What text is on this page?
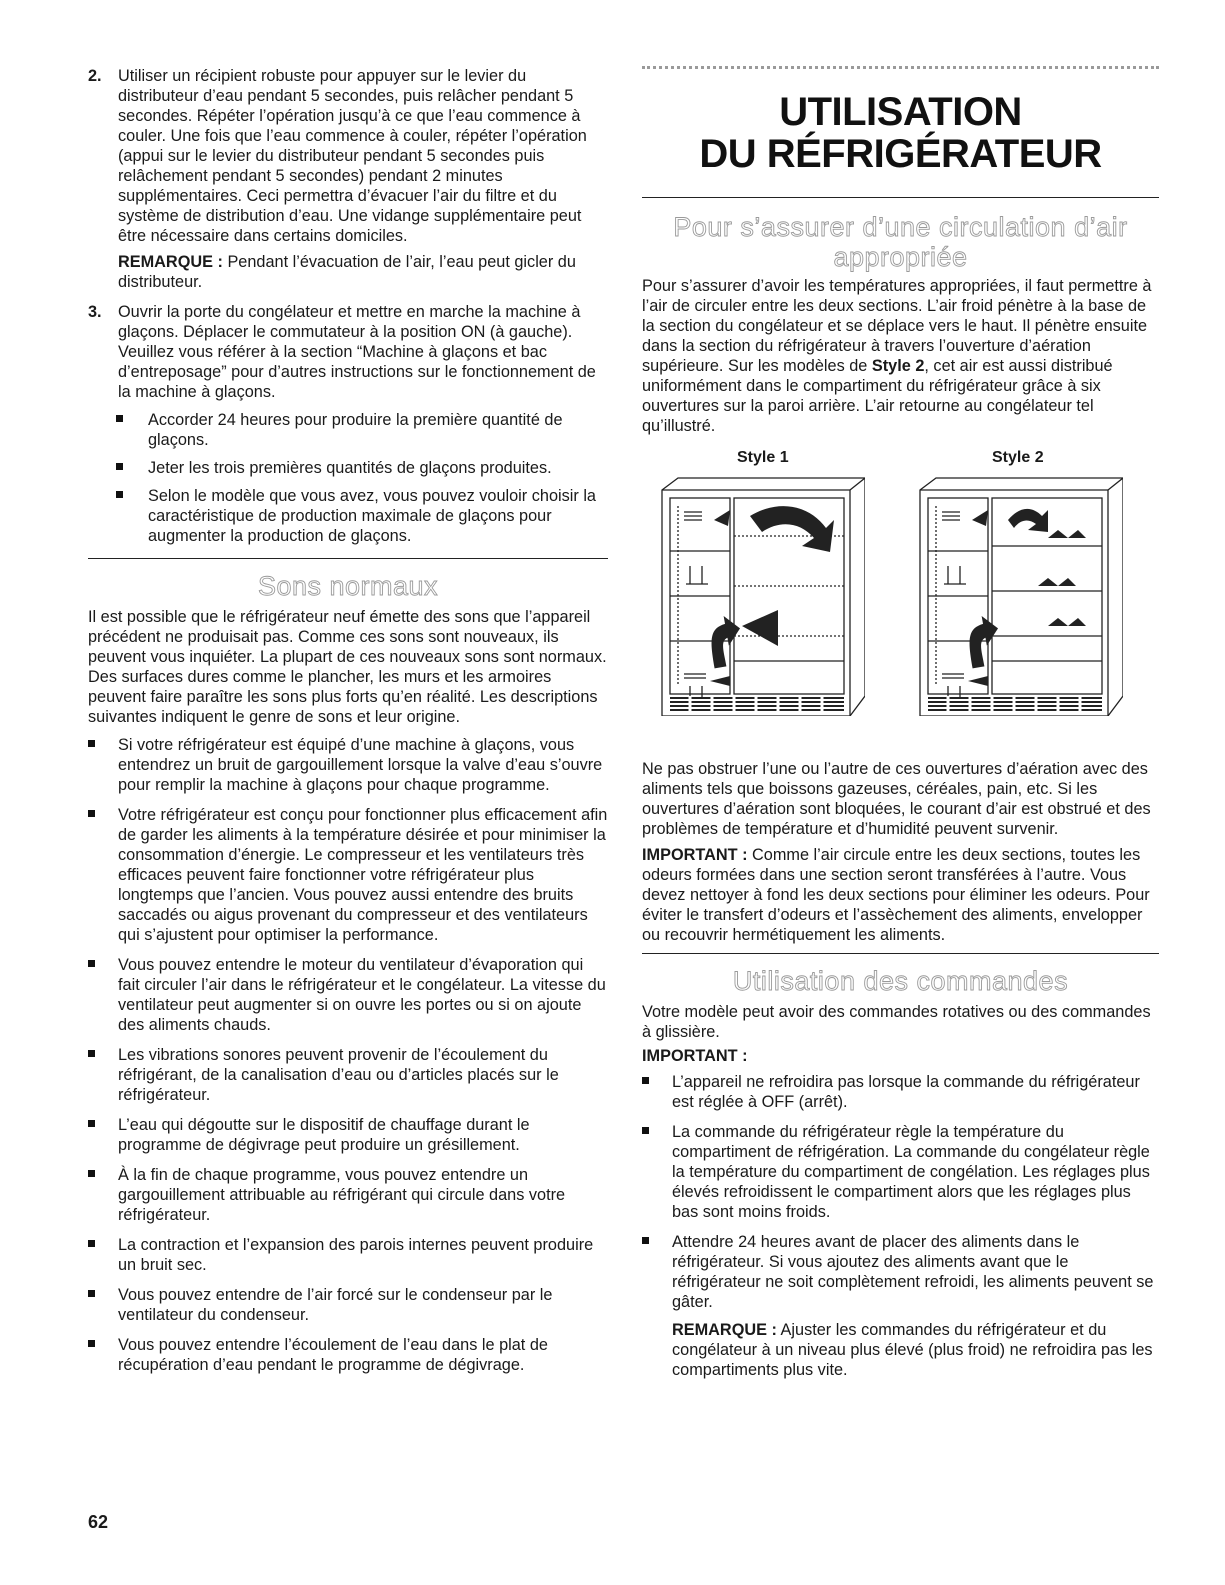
2. Utiliser un récipient robuste pour appuyer sur le levier du distributeur d’eau pendant 5 secondes, puis relâcher pendant 5 secondes. Répéter l’opération jusqu’à ce que l’eau commence à couler. Une fois que l’eau commence à couler, répéter l’opération (appui sur le levier du distributeur pendant 5 secondes puis relâchement pendant 5 secondes) pendant 2 minutes supplémentaires. Ceci permettra d’évacuer l’air du filtre et du système de distribution d’eau. Une vidange supplémentaire peut être nécessaire dans certains domiciles.

REMARQUE : Pendant l’évacuation de l’air, l’eau peut gicler du distributeur.

3. Ouvrir la porte du congélateur et mettre en marche la machine à glaçons. Déplacer le commutateur à la position ON (à gauche). Veuillez vous référer à la section “Machine à glaçons et bac d’entreposage” pour d’autres instructions sur le fonctionnement de la machine à glaçons.

Accorder 24 heures pour produire la première quantité de glaçons.
Jeter les trois premières quantités de glaçons produites.
Selon le modèle que vous avez, vous pouvez vouloir choisir la caractéristique de production maximale de glaçons pour augmenter la production de glaçons.
Sons normaux

Il est possible que le réfrigérateur neuf émette des sons que l’appareil précédent ne produisait pas. Comme ces sons sont nouveaux, ils peuvent vous inquiéter. La plupart de ces nouveaux sons sont normaux. Des surfaces dures comme le plancher, les murs et les armoires peuvent faire paraître les sons plus forts qu’en réalité. Les descriptions suivantes indiquent le genre de sons et leur origine.

Si votre réfrigérateur est équipé d’une machine à glaçons, vous entendrez un bruit de gargouillement lorsque la valve d’eau s’ouvre pour remplir la machine à glaçons pour chaque programme.
Votre réfrigérateur est conçu pour fonctionner plus efficacement afin de garder les aliments à la température désirée et pour minimiser la consommation d’énergie. Le compresseur et les ventilateurs très efficaces peuvent faire fonctionner votre réfrigérateur plus longtemps que l’ancien. Vous pouvez aussi entendre des bruits saccadés ou aigus provenant du compresseur et des ventilateurs qui s’ajustent pour optimiser la performance.
Vous pouvez entendre le moteur du ventilateur d’évaporation qui fait circuler l’air dans le réfrigérateur et le congélateur. La vitesse du ventilateur peut augmenter si on ouvre les portes ou si on ajoute des aliments chauds.
Les vibrations sonores peuvent provenir de l’écoulement du réfrigérant, de la canalisation d’eau ou d’articles placés sur le réfrigérateur.
L’eau qui dégoutte sur le dispositif de chauffage durant le programme de dégivrage peut produire un grésillement.
À la fin de chaque programme, vous pouvez entendre un gargouillement attribuable au réfrigérant qui circule dans votre réfrigérateur.
La contraction et l’expansion des parois internes peuvent produire un bruit sec.
Vous pouvez entendre de l’air forcé sur le condenseur par le ventilateur du condenseur.
Vous pouvez entendre l’écoulement de l’eau dans le plat de récupération d’eau pendant le programme de dégivrage.
UTILISATION
DU RÉFRIGÉRATEUR
Pour s’assurer d’une circulation d’air appropriée

Pour s’assurer d’avoir les températures appropriées, il faut permettre à l’air de circuler entre les deux sections. L’air froid pénètre à la base de la section du congélateur et se déplace vers le haut. Il pénètre ensuite dans la section du réfrigérateur à travers l’ouverture d’aération supérieure. Sur les modèles de Style 2, cet air est aussi distribué uniformément dans le compartiment du réfrigérateur grâce à six ouvertures sur la paroi arrière. L’air retourne au congélateur tel qu’illustré.

Style 1	Style 2

Ne pas obstruer l’une ou l’autre de ces ouvertures d’aération avec des aliments tels que boissons gazeuses, céréales, pain, etc. Si les ouvertures d’aération sont bloquées, le courant d’air est obstrué et des problèmes de température et d’humidité peuvent survenir.

IMPORTANT : Comme l’air circule entre les deux sections, toutes les odeurs formées dans une section seront transférées à l’autre. Vous devez nettoyer à fond les deux sections pour éliminer les odeurs. Pour éviter le transfert d’odeurs et l’assèchement des aliments, envelopper ou recouvrir hermétiquement les aliments.

Utilisation des commandes

Votre modèle peut avoir des commandes rotatives ou des commandes à glissière.

IMPORTANT :

L’appareil ne refroidira pas lorsque la commande du réfrigérateur est réglée à OFF (arrêt).
La commande du réfrigérateur règle la température du compartiment de réfrigération. La commande du congélateur règle la température du compartiment de congélation. Les réglages plus élevés refroidissent le compartiment alors que les réglages plus bas sont moins froids.
Attendre 24 heures avant de placer des aliments dans le réfrigérateur. Si vous ajoutez des aliments avant que le réfrigérateur ne soit complètement refroidi, les aliments peuvent se gâter.

REMARQUE : Ajuster les commandes du réfrigérateur et du congélateur à un niveau plus élevé (plus froid) ne refroidira pas les compartiments plus vite.

62
